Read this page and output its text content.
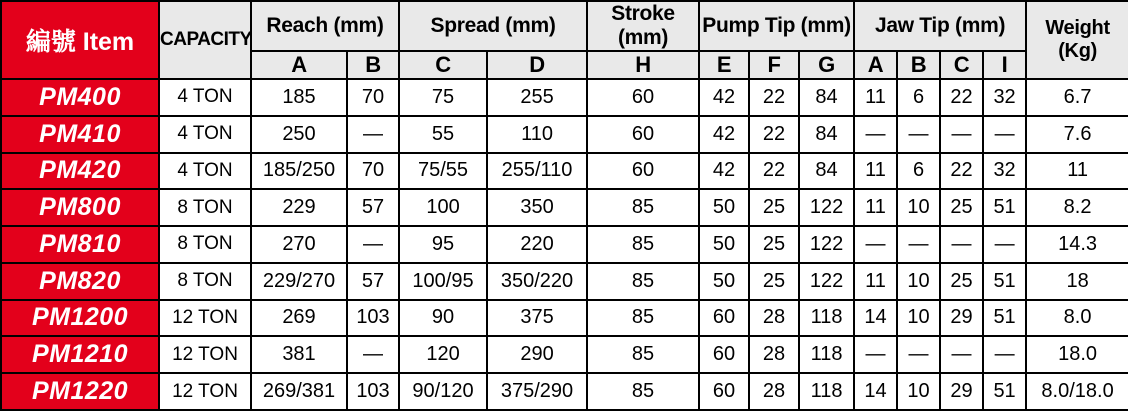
編號 Item	CAPACITY	Reach (mm)		Spread (mm)		Stroke (mm)	Pump Tip (mm)			Jaw Tip (mm)				Weight (Kg)
		A	B	C	D	H	E	F	G	A	B	C	I	
PM400	4 TON	185	70	75	255	60	42	22	84	11	6	22	32	6.7
PM410	4 TON	250	—	55	110	60	42	22	84	—	—	—	—	7.6
PM420	4 TON	185/250	70	75/55	255/110	60	42	22	84	11	6	22	32	11
PM800	8 TON	229	57	100	350	85	50	25	122	11	10	25	51	8.2
PM810	8 TON	270	—	95	220	85	50	25	122	—	—	—	—	14.3
PM820	8 TON	229/270	57	100/95	350/220	85	50	25	122	11	10	25	51	18
PM1200	12 TON	269	103	90	375	85	60	28	118	14	10	29	51	8.0
PM1210	12 TON	381	—	120	290	85	60	28	118	—	—	—	—	18.0
PM1220	12 TON	269/381	103	90/120	375/290	85	60	28	118	14	10	29	51	8.0/18.0
